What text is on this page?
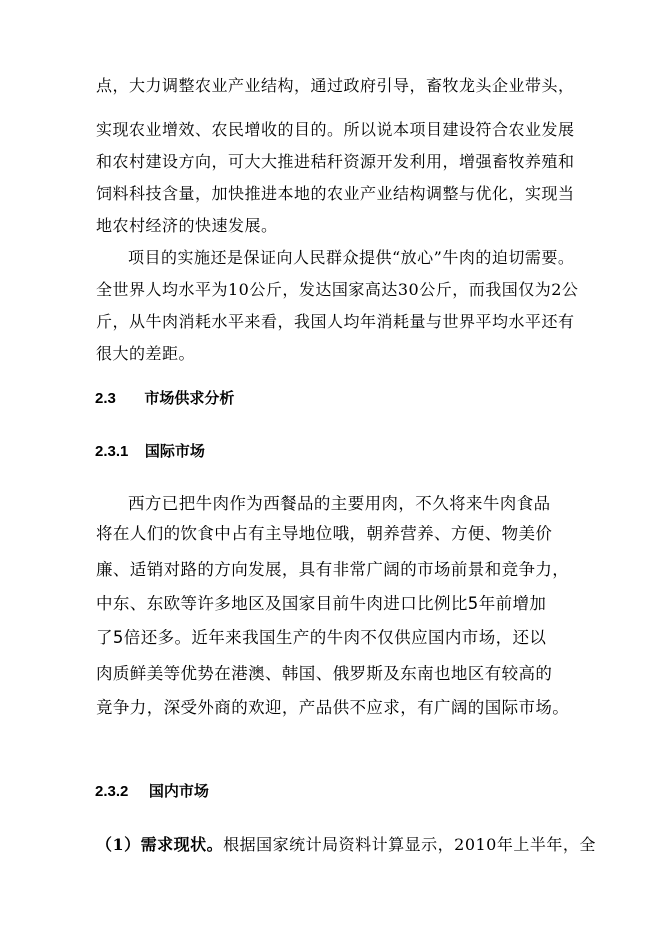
点，大力调整农业产业结构，通过政府引导，畜牧龙头企业带头，

实现农业增效、农民增收的目的。所以说本项目建设符合农业发展

和农村建设方向，可大大推进秸秆资源开发利用，增强畜牧养殖和

饲料科技含量，加快推进本地的农业产业结构调整与优化，实现当

地农村经济的快速发展。

项目的实施还是保证向人民群众提供“放心”牛肉的迫切需要。

全世界人均水平为10公斤，发达国家高达30公斤，而我国仅为2公

斤，从牛肉消耗水平来看，我国人均年消耗量与世界平均水平还有

很大的差距。

2.3 市场供求分析
2.3.1 国际市场

西方已把牛肉作为西餐品的主要用肉，不久将来牛肉食品

将在人们的饮食中占有主导地位哦，朝养营养、方便、物美价

廉、适销对路的方向发展，具有非常广阔的市场前景和竞争力，

中东、东欧等许多地区及国家目前牛肉进口比例比5年前增加

了5倍还多。近年来我国生产的牛肉不仅供应国内市场，还以

肉质鲜美等优势在港澳、韩国、俄罗斯及东南也地区有较高的

竟争力，深受外商的欢迎，产品供不应求，有广阔的国际市场。

2.3.2 国内市场

（1）需求现状。根据国家统计局资料计算显示，2010年上半年，全
